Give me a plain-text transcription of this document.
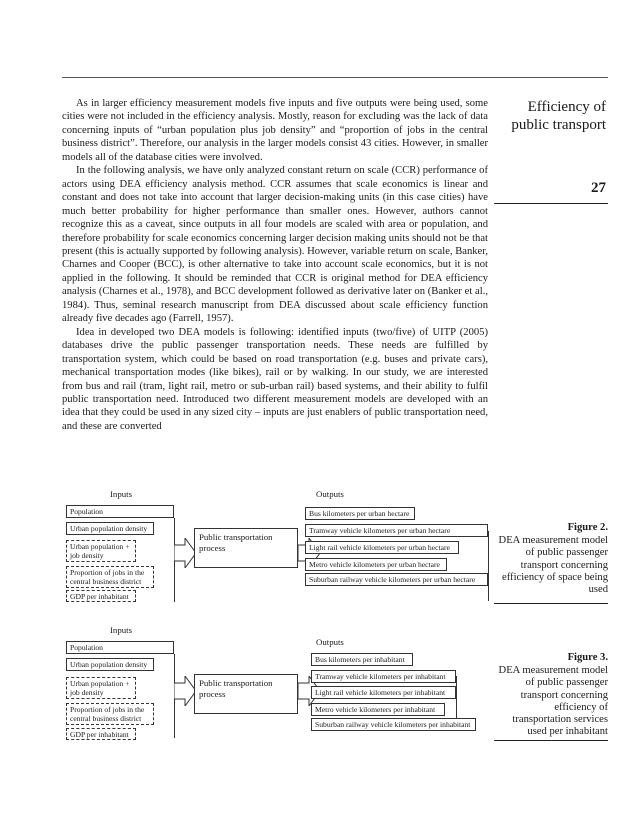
As in larger efficiency measurement models five inputs and five outputs were being used, some cities were not included in the efficiency analysis. Mostly, reason for excluding was the lack of data concerning inputs of “urban population plus job density” and “proportion of jobs in the central business district”. Therefore, our analysis in the larger models consist 43 cities. However, in smaller models all of the database cities were involved.

In the following analysis, we have only analyzed constant return on scale (CCR) performance of actors using DEA efficiency analysis method. CCR assumes that scale economics is linear and constant and does not take into account that larger decision-making units (in this case cities) have much better probability for higher performance than smaller ones. However, authors cannot recognize this as a caveat, since outputs in all four models are scaled with area or population, and therefore probability for scale economics concerning larger decision making units should not be that present (this is actually supported by following analysis). However, variable return on scale, Banker, Charnes and Cooper (BCC), is other alternative to take into account scale economics, but it is not applied in the following. It should be reminded that CCR is original method for DEA efficiency analysis (Charnes et al., 1978), and BCC development followed as derivative later on (Banker et al., 1984). Thus, seminal research manuscript from DEA discussed about scale efficiency function already five decades ago (Farrell, 1957).

Idea in developed two DEA models is following: identified inputs (two/five) of UITP (2005) databases drive the public passenger transportation needs. These needs are fulfilled by transportation system, which could be based on road transportation (e.g. buses and private cars), mechanical transportation modes (like bikes), rail or by walking. In our study, we are interested from bus and rail (tram, light rail, metro or sub-urban rail) based systems, and their ability to fulfil public transportation need. Introduced two different measurement models are developed with an idea that they could be used in any sized city – inputs are just enablers of public transportation need, and these are converted

Efficiency of public transport
27
Inputs	Outputs
Population
Urban population density
Urban population + job density
Proportion of jobs in the central business district
GDP per inhabitant
Public transportation process
Bus kilometers per urban hectare
Tramway vehicle kilometers per urban hectare
Light rail vehicle kilometers per urban hectare
Metro vehicle kilometers per urban hectare
Suburban railway vehicle kilometers per urban hectare
Figure 2.
DEA measurement model of public passenger transport concerning efficiency of space being used
Inputs
Outputs
Population
Urban population density
Urban population + job density
Proportion of jobs in the central business district
GDP per inhabitant
Public transportation process
Bus kilometers per inhabitant
Tramway vehicle kilometers per inhabitant
Light rail vehicle kilometers per inhabitant
Metro vehicle kilometers per inhabitant
Suburban railway vehicle kilometers per inhabitant
Figure 3.
DEA measurement model of public passenger transport concerning efficiency of transportation services used per inhabitant
